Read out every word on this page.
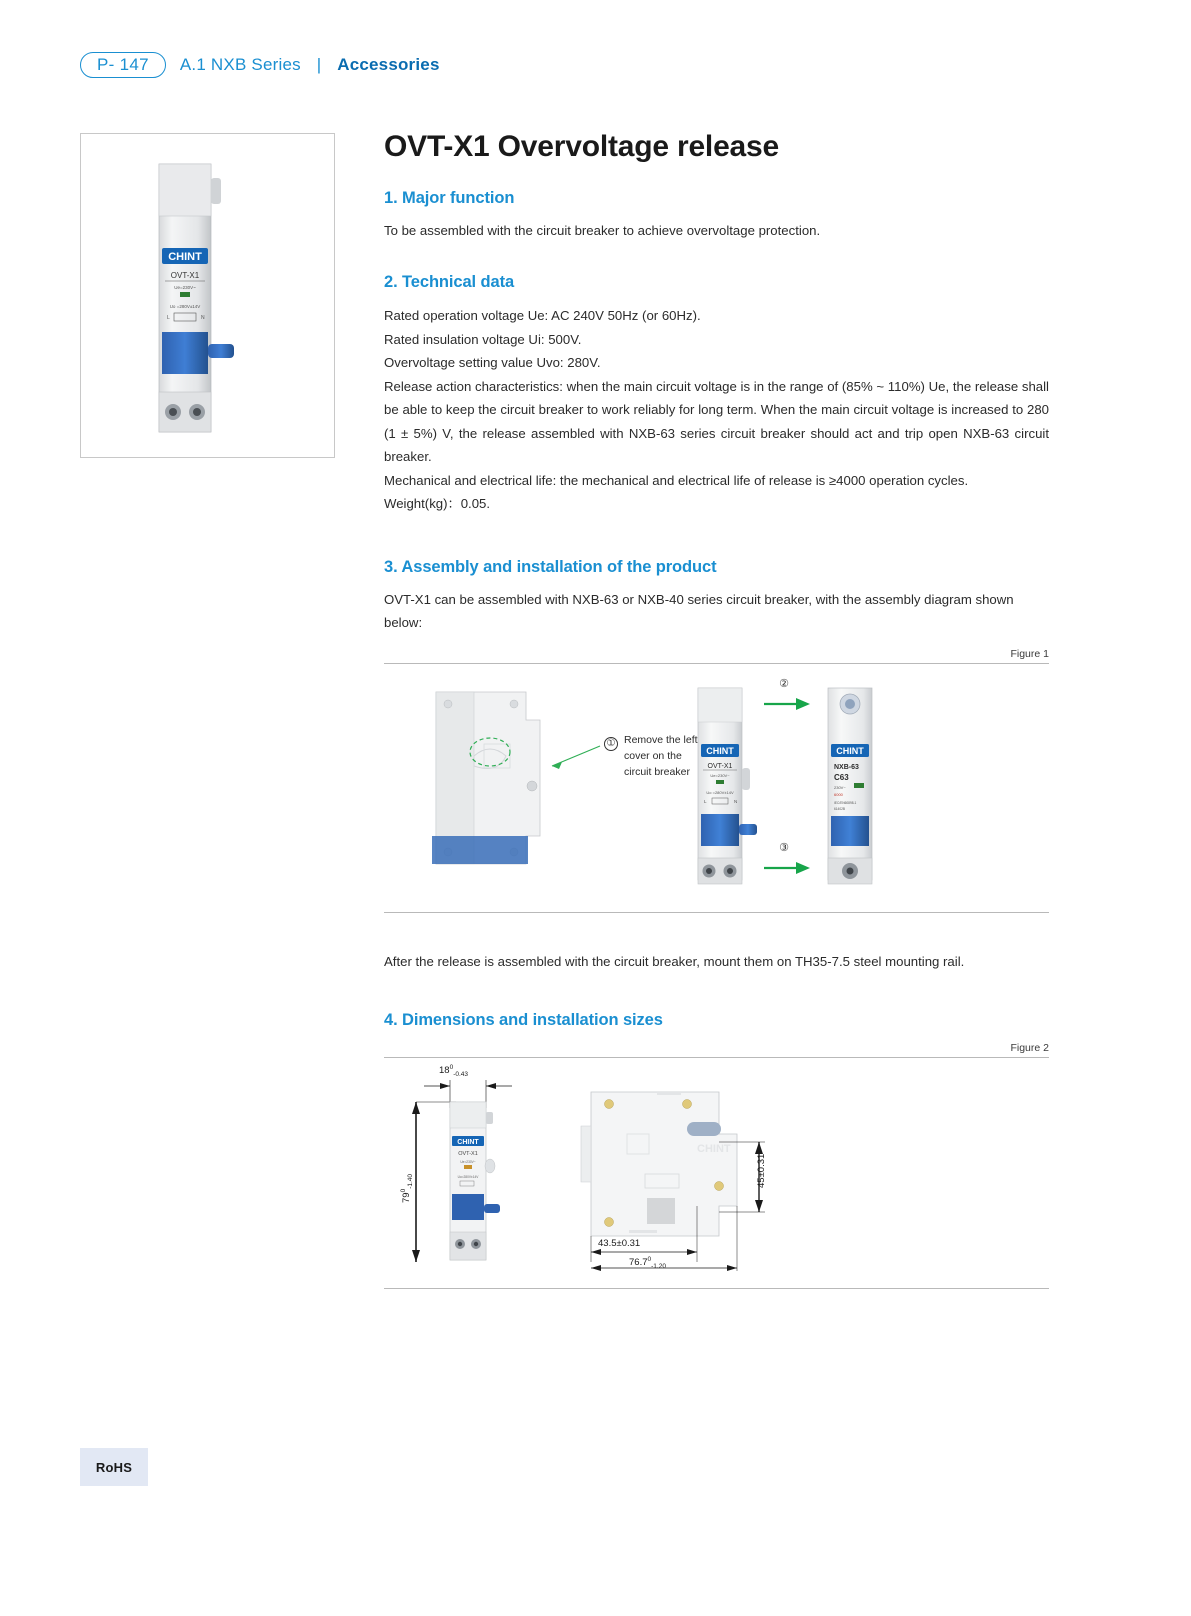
P- 147	A.1 NXB Series | Accessories
CHINT
OVT-X1
Ue=230V~
Uo =280V±14V
L	N
OVT-X1 Overvoltage release
1. Major function

To be assembled with the circuit breaker to achieve overvoltage protection.

2. Technical data
Rated operation voltage Ue: AC 240V 50Hz (or 60Hz).
Rated insulation voltage Ui: 500V.
Overvoltage setting value Uvo: 280V.
Release action characteristics: when the main circuit voltage is in the range of (85% ~ 110%) Ue, the release shall be able to keep the circuit breaker to work reliably for long term. When the main circuit voltage is increased to 280 (1 ± 5%) V, the release assembled with NXB-63 series circuit breaker should act and trip open NXB-63 circuit breaker.
Mechanical and electrical life: the mechanical and electrical life of release is ≥4000 operation cycles.
Weight(kg)：0.05.
3. Assembly and installation of the product

OVT-X1 can be assembled with NXB-63 or NXB-40 series circuit breaker, with the assembly diagram shown below:

Figure 1
① Remove the left cover on the circuit breaker
CHINT
OVT-X1
Ue=230V~
Uo =280V±14V
L	N
CHINT
NXB-63
C63
230V~
6000
IEC/EN60898-1
61402B
②
③

After the release is assembled with the circuit breaker, mount them on TH35-7.5 steel mounting rail.

4. Dimensions and installation sizes
Figure 2
CHINT
OVT-X1
Ue=230V~
Uo=280V±14V
$18^0_{-0.43}$
$79^0_{-1.40}$
CHINT
45±0.31
43.5±0.31
$76.7^0_{-1.20}$
RoHS
